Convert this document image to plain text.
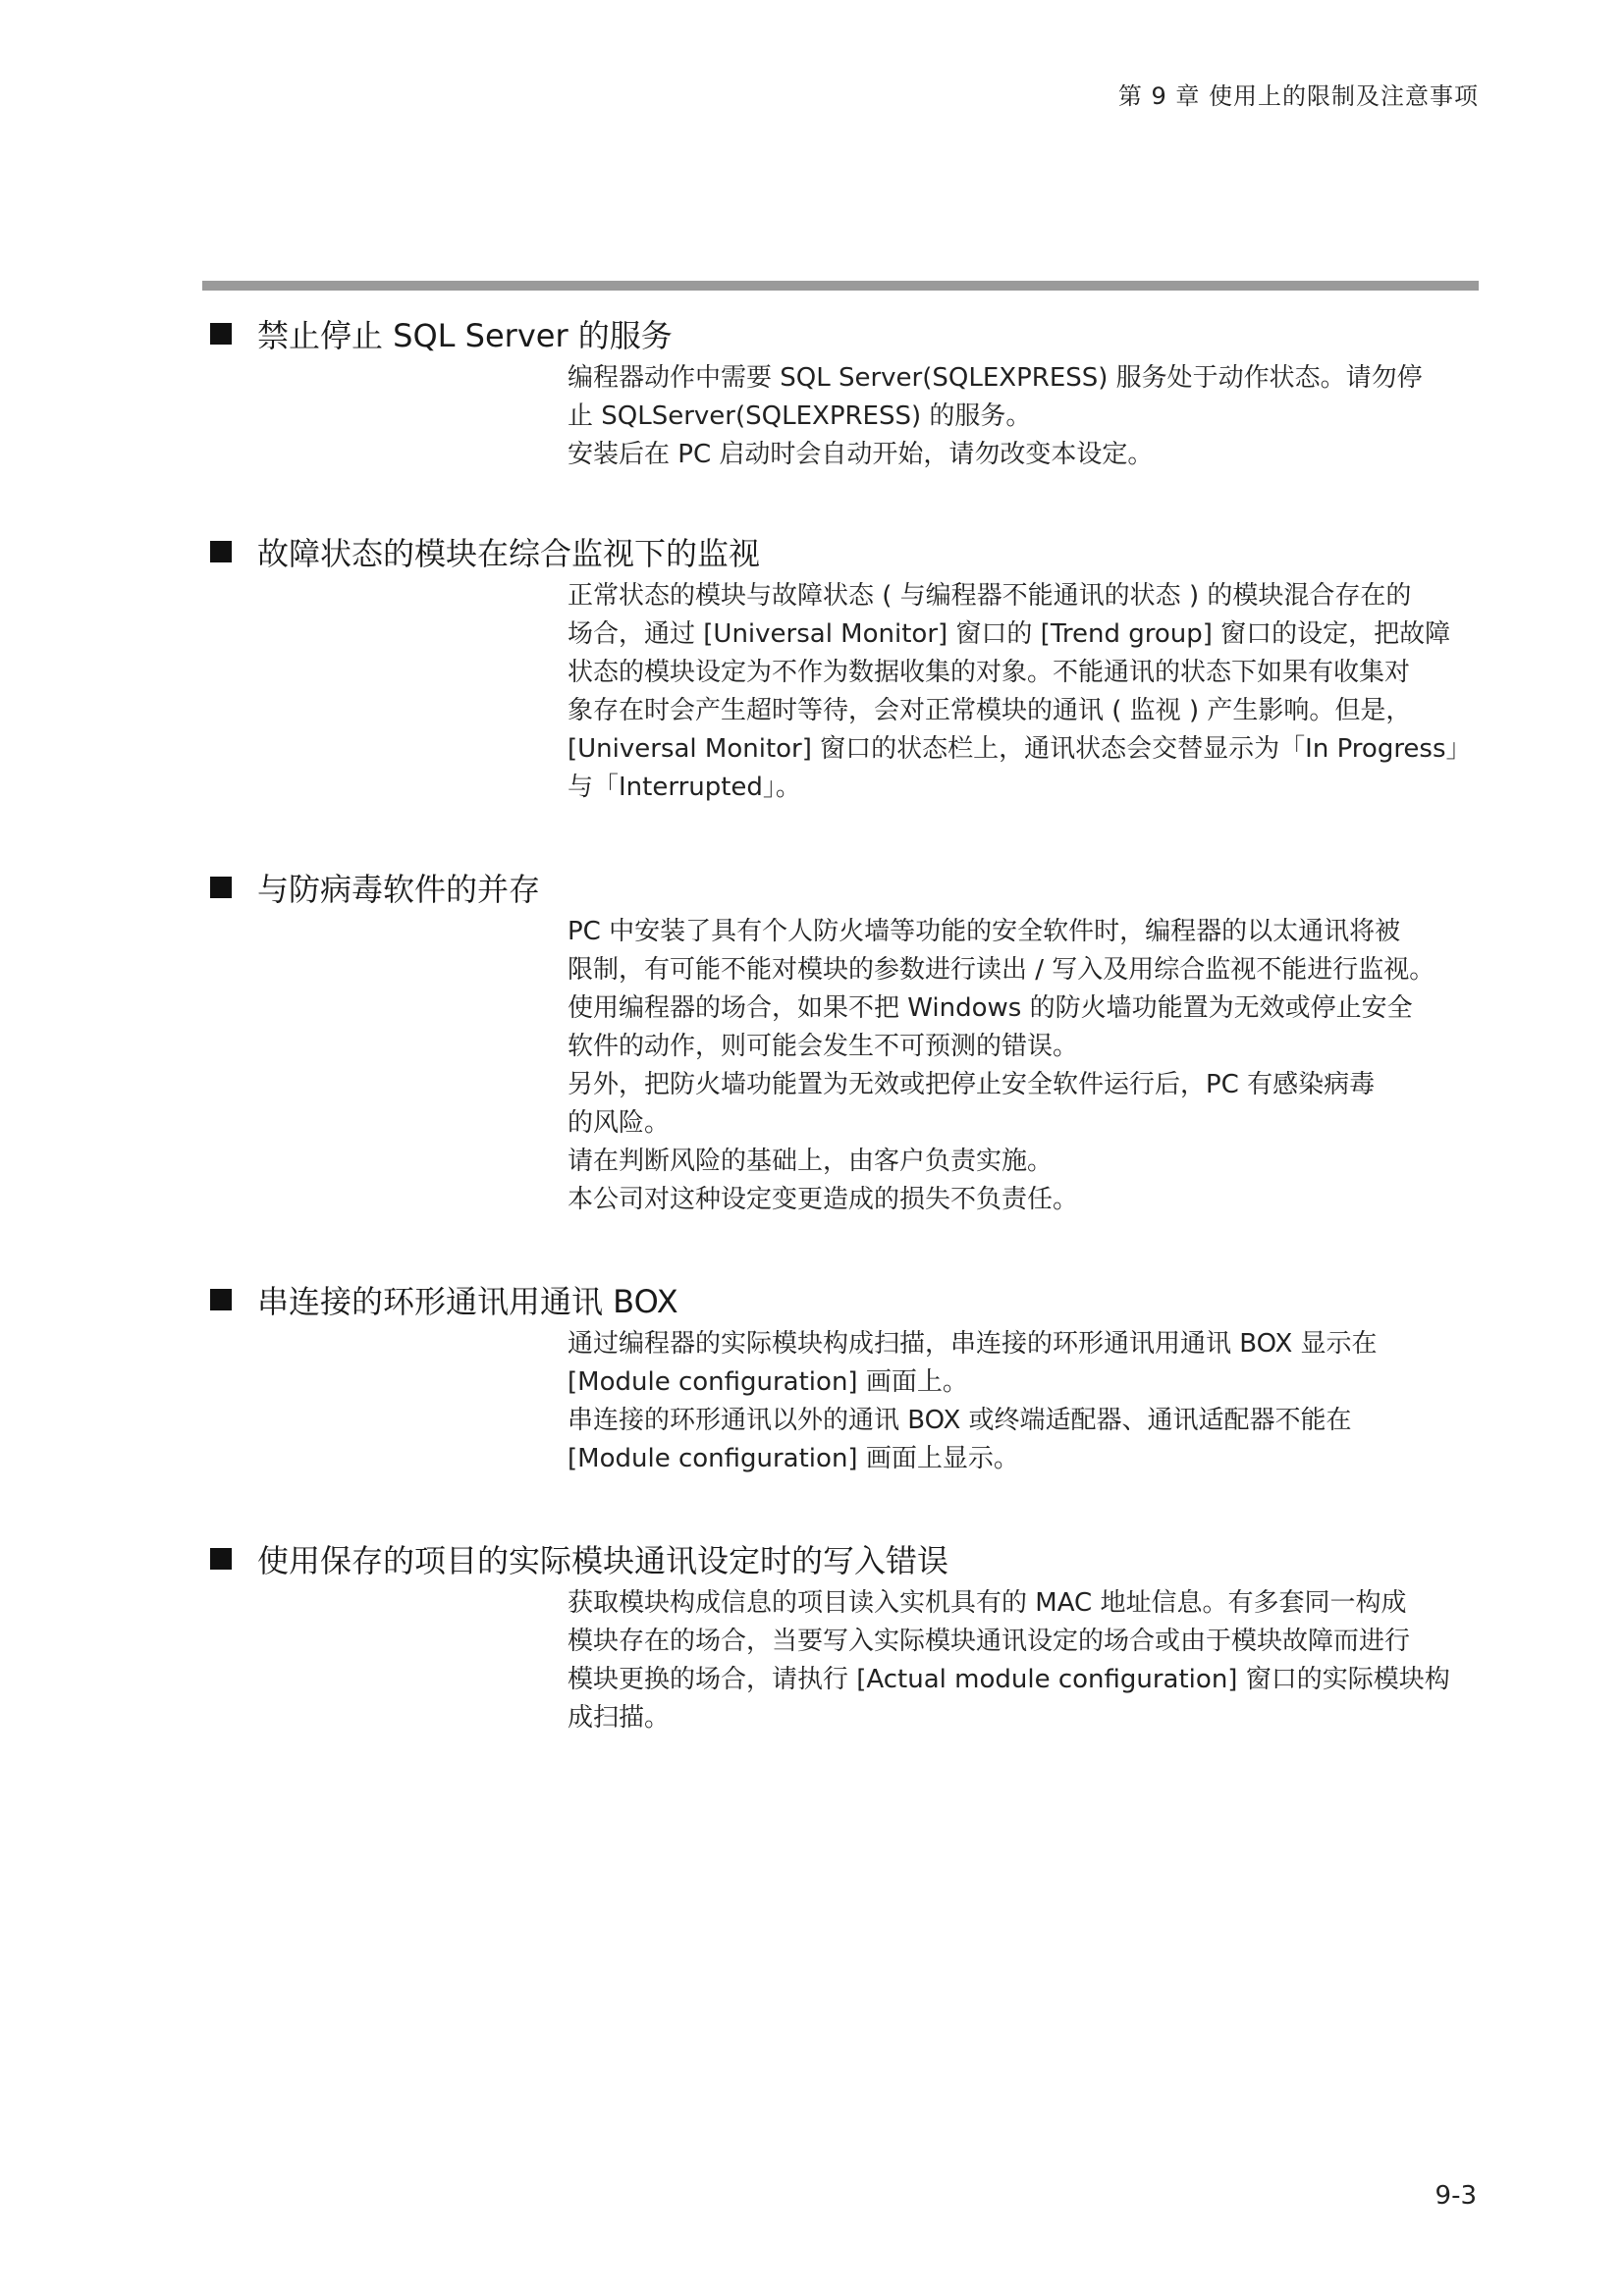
第 9 章 使用上的限制及注意事项
禁止停止 SQL Server 的服务

编程器动作中需要 SQL Server(SQLEXPRESS) 服务处于动作状态。请勿停

止 SQLServer(SQLEXPRESS) 的服务。

安装后在 PC 启动时会自动开始，请勿改变本设定。

故障状态的模块在综合监视下的监视

正常状态的模块与故障状态 ( 与编程器不能通讯的状态 ) 的模块混合存在的

场合，通过 [Universal Monitor] 窗口的 [Trend group] 窗口的设定，把故障

状态的模块设定为不作为数据收集的对象。不能通讯的状态下如果有收集对

象存在时会产生超时等待，会对正常模块的通讯 ( 监视 ) 产生影响。但是，

[Universal Monitor] 窗口的状态栏上，通讯状态会交替显示为「In Progress」

与「Interrupted」。

与防病毒软件的并存

PC 中安装了具有个人防火墙等功能的安全软件时，编程器的以太通讯将被

限制，有可能不能对模块的参数进行读出 / 写入及用综合监视不能进行监视。

使用编程器的场合，如果不把 Windows 的防火墙功能置为无效或停止安全

软件的动作，则可能会发生不可预测的错误。

另外，把防火墙功能置为无效或把停止安全软件运行后，PC 有感染病毒

的风险。

请在判断风险的基础上，由客户负责实施。

本公司对这种设定变更造成的损失不负责任。

串连接的环形通讯用通讯 BOX

通过编程器的实际模块构成扫描，串连接的环形通讯用通讯 BOX 显示在

[Module configuration] 画面上。

串连接的环形通讯以外的通讯 BOX 或终端适配器、通讯适配器不能在

[Module configuration] 画面上显示。

使用保存的项目的实际模块通讯设定时的写入错误

获取模块构成信息的项目读入实机具有的 MAC 地址信息。有多套同一构成

模块存在的场合，当要写入实际模块通讯设定的场合或由于模块故障而进行

模块更换的场合，请执行 [Actual module configuration] 窗口的实际模块构

成扫描。

9-3
